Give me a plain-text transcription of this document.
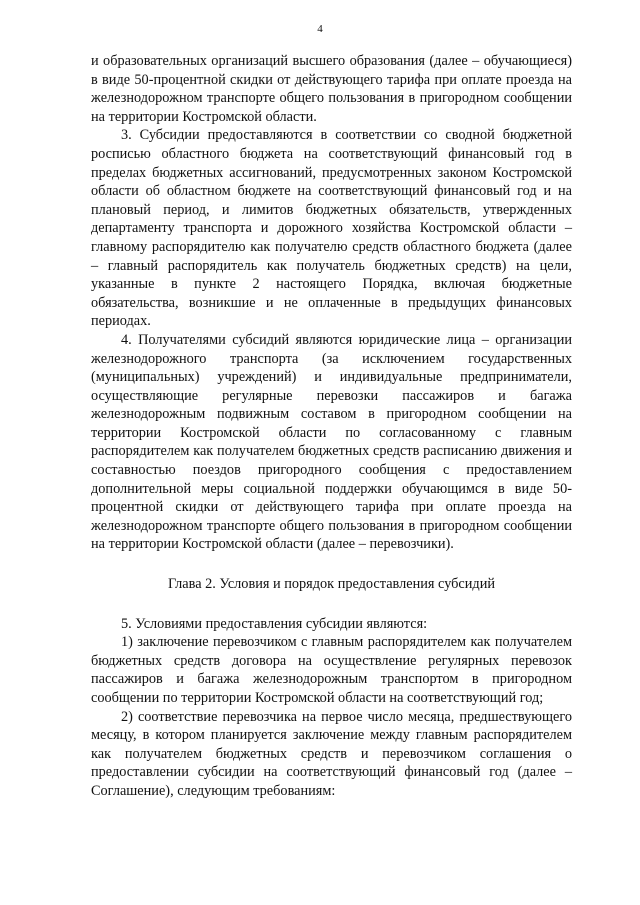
4

и образовательных организаций высшего образования (далее – обучающиеся) в виде 50-процентной скидки от действующего тарифа при оплате проезда на железнодорожном транспорте общего пользования в пригородном сообщении на территории Костромской области.

3. Субсидии предоставляются в соответствии со сводной бюджетной росписью областного бюджета на соответствующий финансовый год в пределах бюджетных ассигнований, предусмотренных законом Костромской области об областном бюджете на соответствующий финансовый год и на плановый период, и лимитов бюджетных обязательств, утвержденных департаменту транспорта и дорожного хозяйства Костромской области – главному распорядителю как получателю средств областного бюджета (далее – главный распорядитель как получатель бюджетных средств) на цели, указанные в пункте 2 настоящего Порядка, включая бюджетные обязательства, возникшие и не оплаченные в предыдущих финансовых периодах.

4. Получателями субсидий являются юридические лица – организации железнодорожного транспорта (за исключением государственных (муниципальных) учреждений) и индивидуальные предприниматели, осуществляющие регулярные перевозки пассажиров и багажа железнодорожным подвижным составом в пригородном сообщении на территории Костромской области по согласованному с главным распорядителем как получателем бюджетных средств расписанию движения и составностью поездов пригородного сообщения с предоставлением дополнительной меры социальной поддержки обучающимся в виде 50-процентной скидки от действующего тарифа при оплате проезда на железнодорожном транспорте общего пользования в пригородном сообщении на территории Костромской области (далее – перевозчики).

Глава 2. Условия и порядок предоставления субсидий

5. Условиями предоставления субсидии являются:

1) заключение перевозчиком с главным распорядителем как получателем бюджетных средств договора на осуществление регулярных перевозок пассажиров и багажа железнодорожным транспортом в пригородном сообщении по территории Костромской области на соответствующий год;

2) соответствие перевозчика на первое число месяца, предшествующего месяцу, в котором планируется заключение между главным распорядителем как получателем бюджетных средств и перевозчиком соглашения о предоставлении субсидии на соответствующий финансовый год (далее – Соглашение), следующим требованиям:
